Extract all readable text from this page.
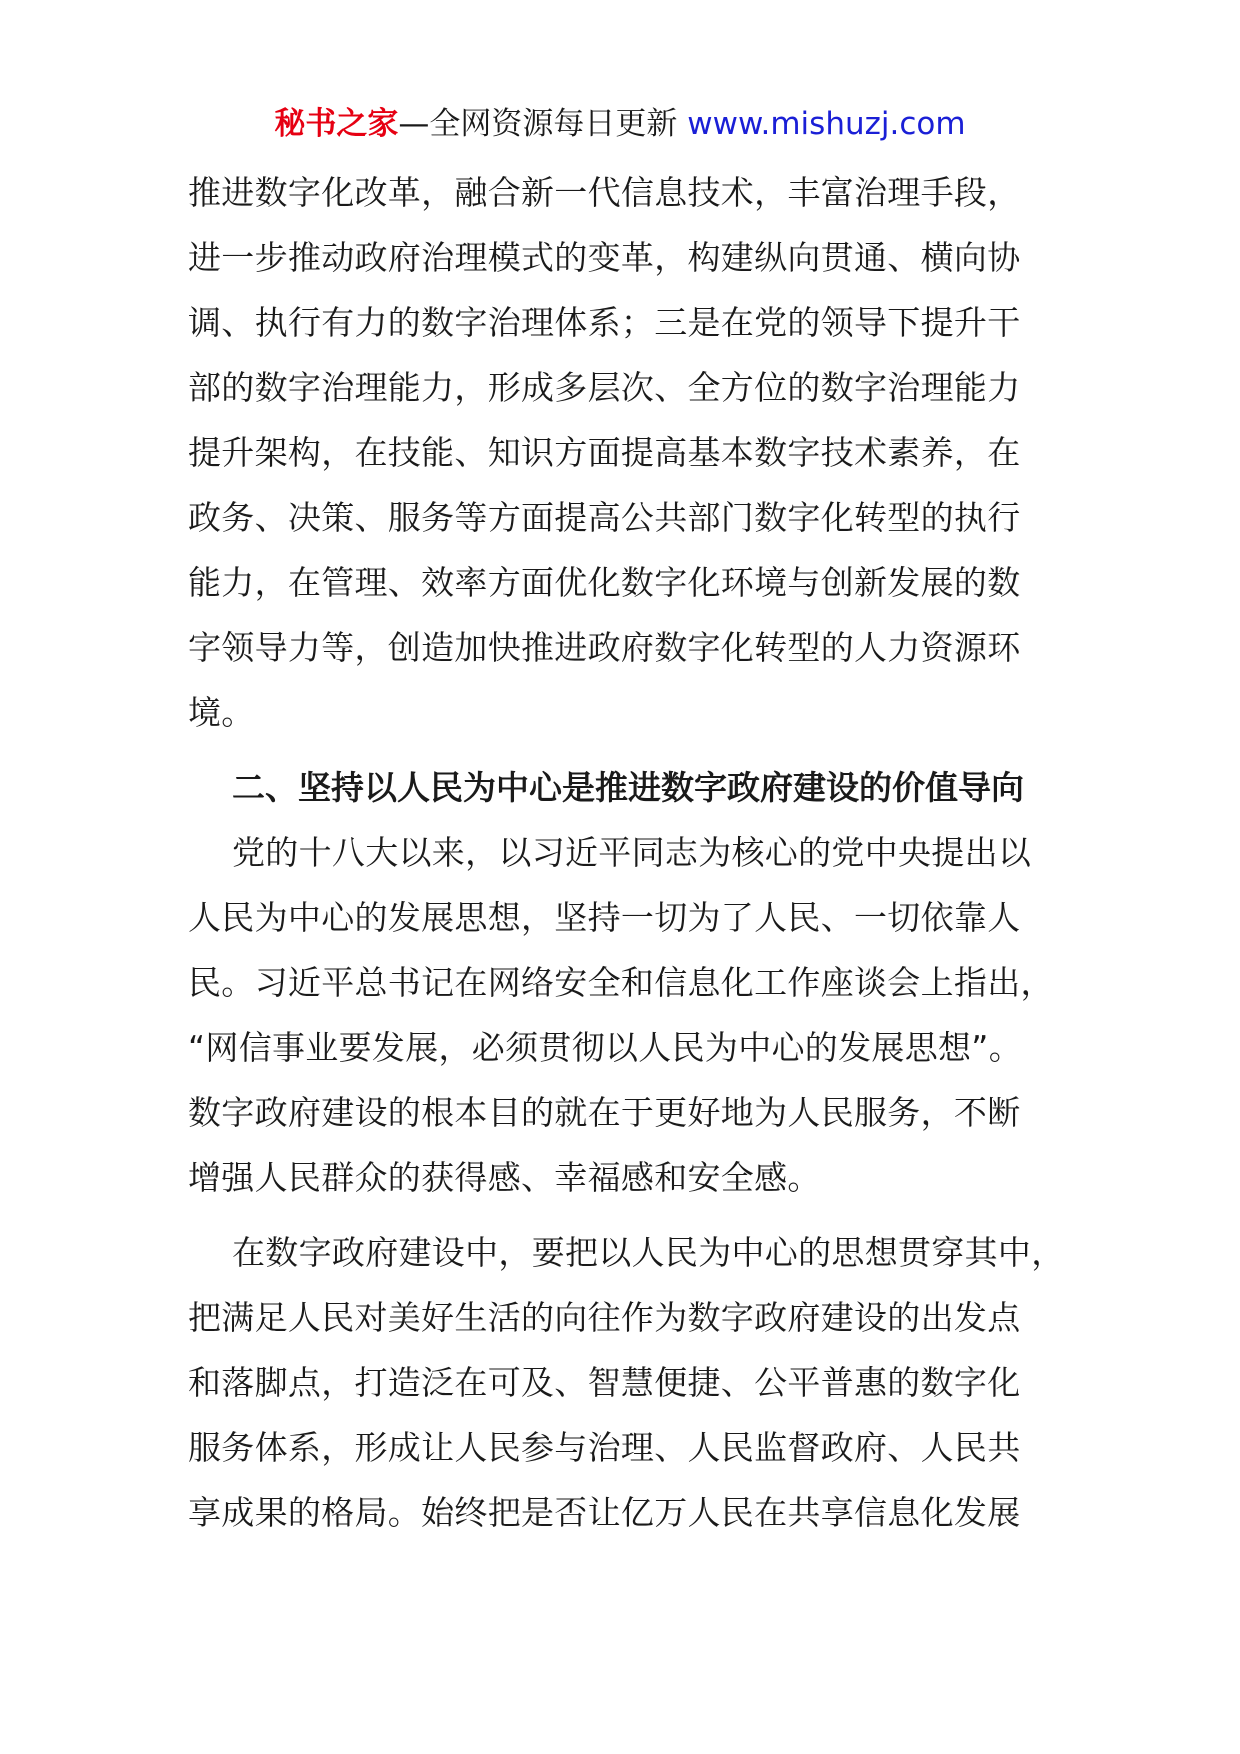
秘书之家—全网资源每日更新 www.mishuzj.com
推进数字化改革，融合新一代信息技术，丰富治理手段，
进一步推动政府治理模式的变革，构建纵向贯通、横向协
调、执行有力的数字治理体系；三是在党的领导下提升干
部的数字治理能力，形成多层次、全方位的数字治理能力
提升架构，在技能、知识方面提高基本数字技术素养，在
政务、决策、服务等方面提高公共部门数字化转型的执行
能力，在管理、效率方面优化数字化环境与创新发展的数
字领导力等，创造加快推进政府数字化转型的人力资源环
境。
二、坚持以人民为中心是推进数字政府建设的价值导向
党的十八大以来，以习近平同志为核心的党中央提出以
人民为中心的发展思想，坚持一切为了人民、一切依靠人
民。习近平总书记在网络安全和信息化工作座谈会上指出，
“网信事业要发展，必须贯彻以人民为中心的发展思想”。
数字政府建设的根本目的就在于更好地为人民服务，不断
增强人民群众的获得感、幸福感和安全感。
在数字政府建设中，要把以人民为中心的思想贯穿其中，
把满足人民对美好生活的向往作为数字政府建设的出发点
和落脚点，打造泛在可及、智慧便捷、公平普惠的数字化
服务体系，形成让人民参与治理、人民监督政府、人民共
享成果的格局。始终把是否让亿万人民在共享信息化发展
